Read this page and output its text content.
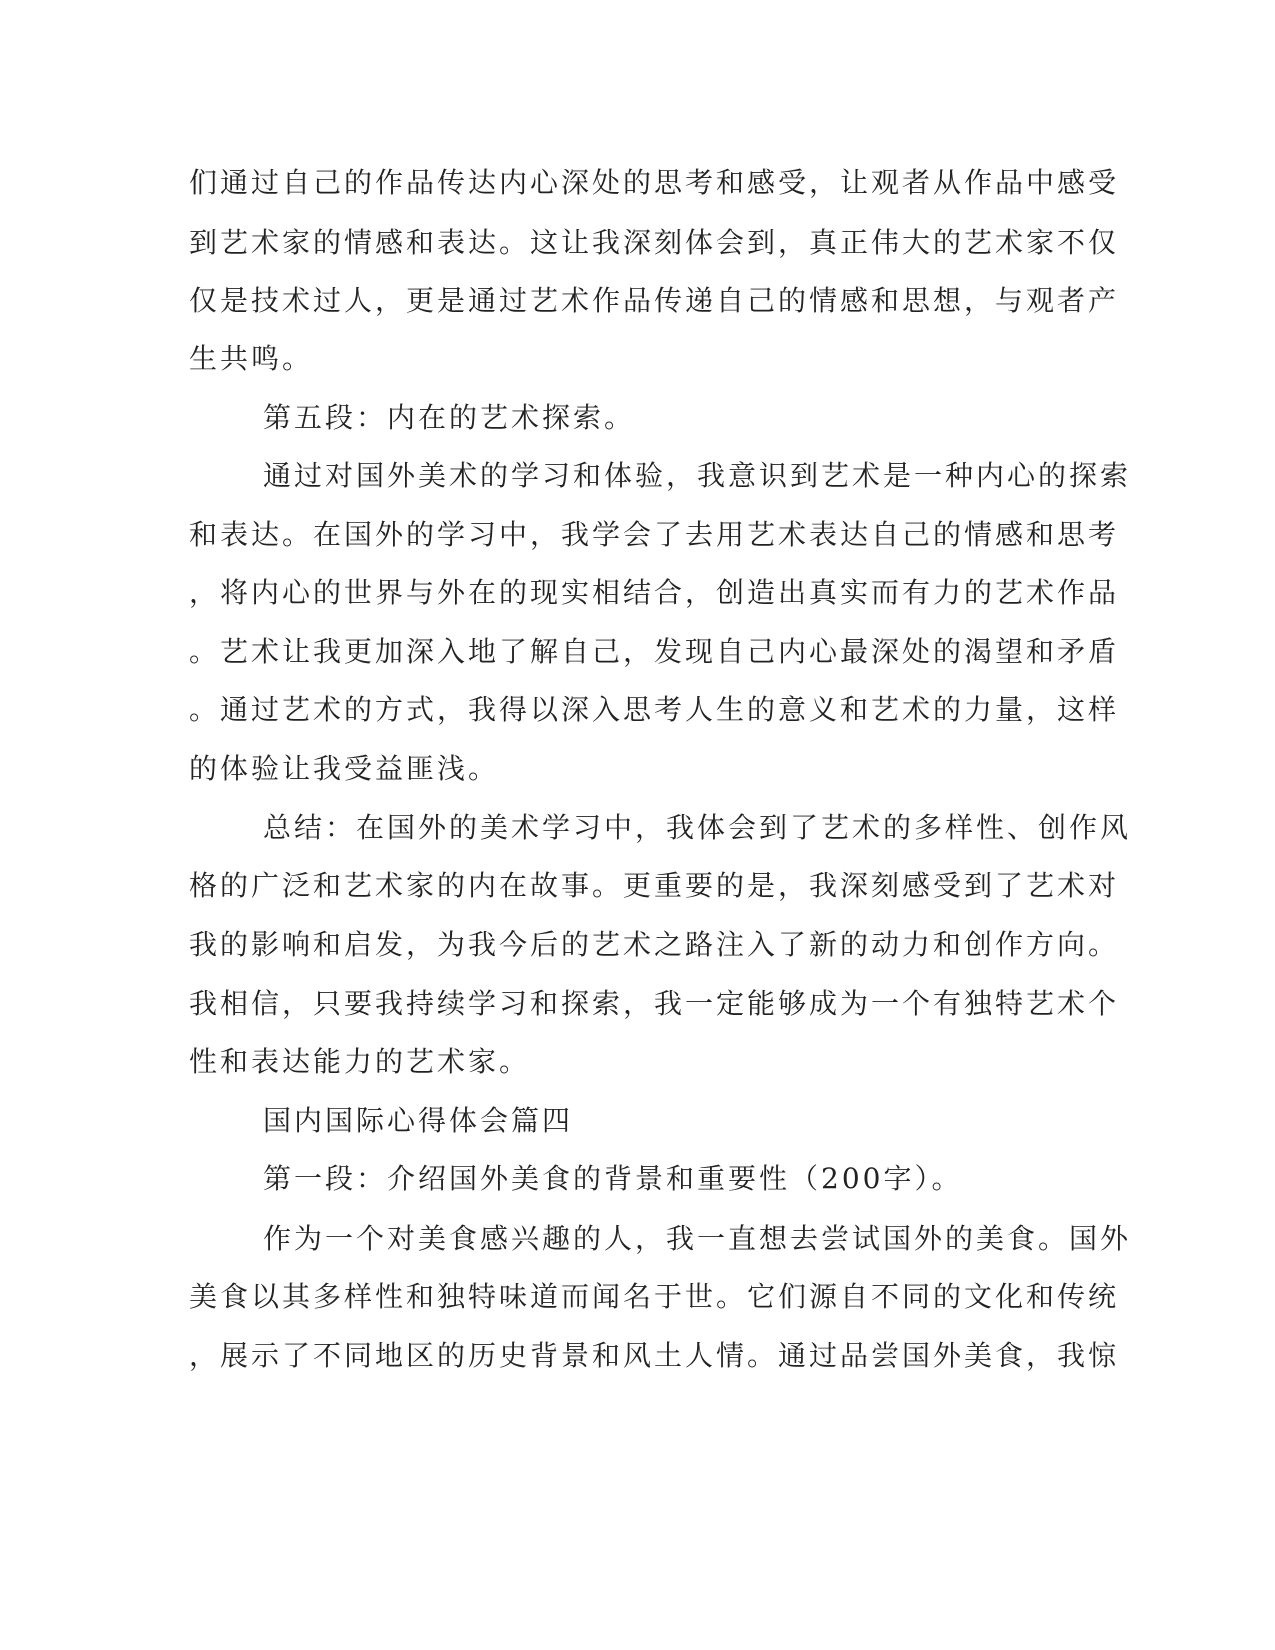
们通过自己的作品传达内心深处的思考和感受，让观者从作品中感受
到艺术家的情感和表达。这让我深刻体会到，真正伟大的艺术家不仅
仅是技术过人，更是通过艺术作品传递自己的情感和思想，与观者产
生共鸣。
第五段：内在的艺术探索。
通过对国外美术的学习和体验，我意识到艺术是一种内心的探索
和表达。在国外的学习中，我学会了去用艺术表达自己的情感和思考
，将内心的世界与外在的现实相结合，创造出真实而有力的艺术作品
。艺术让我更加深入地了解自己，发现自己内心最深处的渴望和矛盾
。通过艺术的方式，我得以深入思考人生的意义和艺术的力量，这样
的体验让我受益匪浅。
总结：在国外的美术学习中，我体会到了艺术的多样性、创作风
格的广泛和艺术家的内在故事。更重要的是，我深刻感受到了艺术对
我的影响和启发，为我今后的艺术之路注入了新的动力和创作方向。
我相信，只要我持续学习和探索，我一定能够成为一个有独特艺术个
性和表达能力的艺术家。
国内国际心得体会篇四
第一段：介绍国外美食的背景和重要性（200字）。
作为一个对美食感兴趣的人，我一直想去尝试国外的美食。国外
美食以其多样性和独特味道而闻名于世。它们源自不同的文化和传统
，展示了不同地区的历史背景和风土人情。通过品尝国外美食，我惊
